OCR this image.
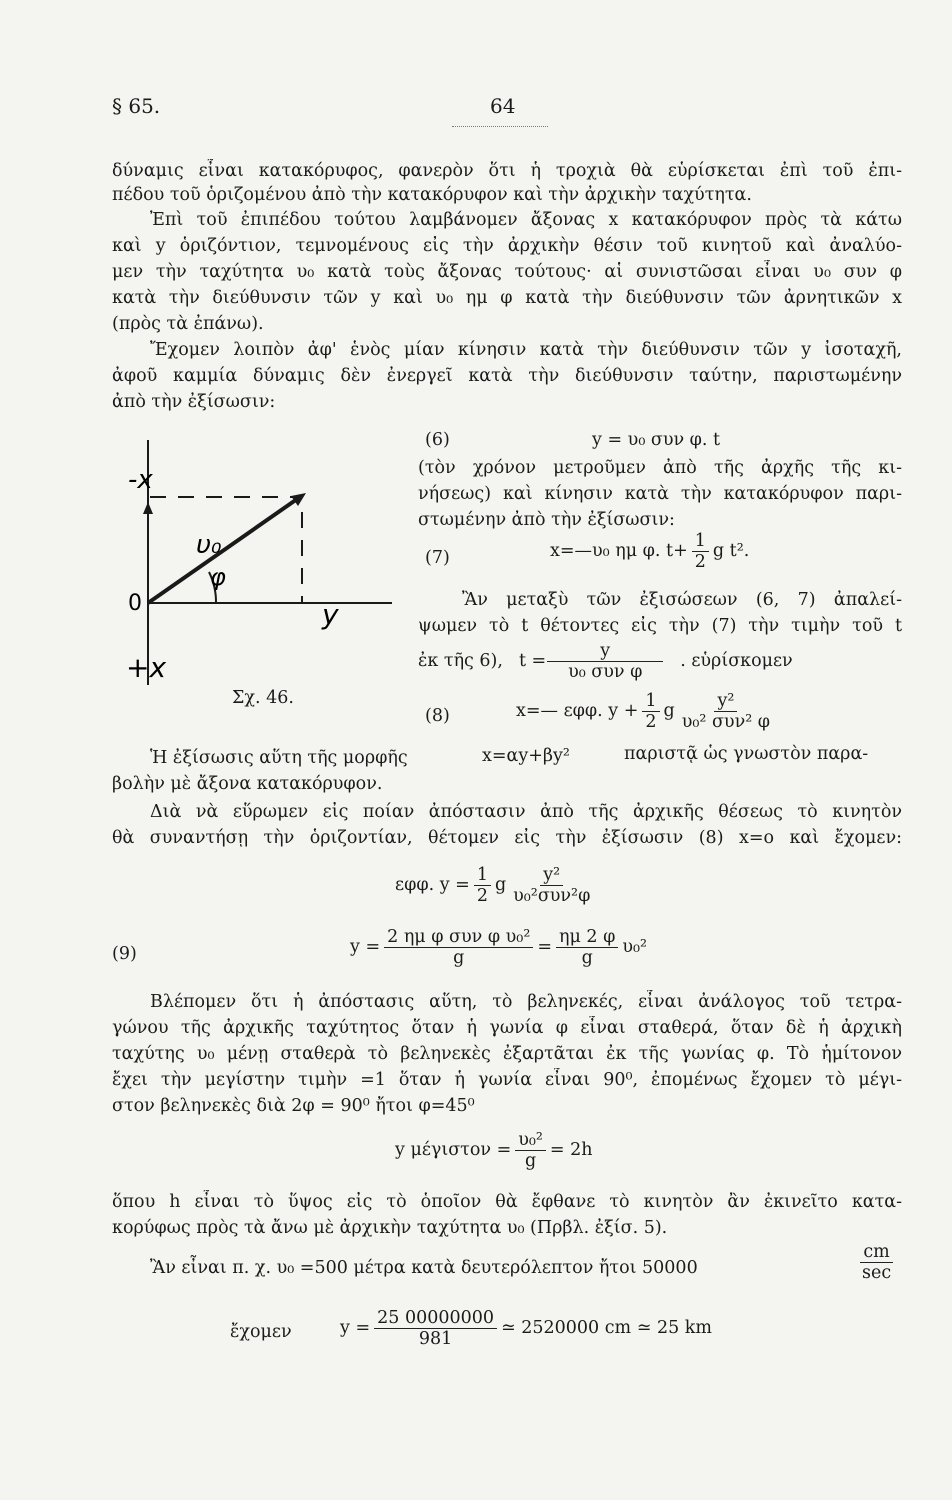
§ 65.	64
δύναμις εἶναι κατακόρυφος, φανερὸν ὅτι ἡ τροχιὰ θὰ εὑρίσκεται ἐπὶ τοῦ ἐπι-
πέδου τοῦ ὁριζομένου ἀπὸ τὴν κατακόρυφον καὶ τὴν ἀρχικὴν ταχύτητα.
Ἐπὶ τοῦ ἐπιπέδου τούτου λαμβάνομεν ἄξονας x κατακόρυφον πρὸς τὰ κάτω
καὶ y ὁριζόντιον, τεμνομένους εἰς τὴν ἀρχικὴν θέσιν τοῦ κινητοῦ καὶ ἀναλύο-
μεν τὴν ταχύτητα υ₀ κατὰ τοὺς ἄξονας τούτους· αἱ συνιστῶσαι εἶναι υ₀ συν φ
κατὰ τὴν διεύθυνσιν τῶν y καὶ υ₀ ημ φ κατὰ τὴν διεύθυνσιν τῶν ἀρνητικῶν x
(πρὸς τὰ ἐπάνω).
Ἔχομεν λοιπὸν ἀφ' ἑνὸς μίαν κίνησιν κατὰ τὴν διεύθυνσιν τῶν y ἰσοταχῆ,
ἀφοῦ καμμία δύναμις δὲν ἐνεργεῖ κατὰ τὴν διεύθυνσιν ταύτην, παριστωμένην
ἀπὸ τὴν ἐξίσωσιν:
-x
0	y
υ₀
φ
+x
Σχ. 46.
(6)	y = υ₀ συν φ. t
(τὸν χρόνον μετροῦμεν ἀπὸ τῆς ἀρχῆς τῆς κι-
νήσεως) καὶ κίνησιν κατὰ τὴν κατακόρυφον παρι-
στωμένην ἀπὸ τὴν ἐξίσωσιν:
(7)	x=—υ₀ ημ φ. $t+ \frac{1}{2}$ g t².
Ἂν μεταξὺ τῶν ἐξισώσεων (6, 7) ἀπαλεί-
ψωμεν τὸ t θέτοντες εἰς τὴν (7) τὴν τιμὴν τοῦ t
ἐκ τῆς 6), $t = \frac{y}{\text{υ₀ συν φ}}$ . εὑρίσκομεν
(8)	x=— εφφ. $y + \frac{1}{2}$ g $\frac{\text{y²}}{\text{υ₀² συν² φ}}$
Ἡ ἐξίσωσις αὕτη τῆς μορφῆς	x=αy+βy²	παριστᾷ ὡς γνωστὸν παρα-
βολὴν μὲ ἄξονα κατακόρυφον.
Διὰ νὰ εὕρωμεν εἰς ποίαν ἀπόστασιν ἀπὸ τῆς ἀρχικῆς θέσεως τὸ κινητὸν
θὰ συναντήσῃ τὴν ὁριζοντίαν, θέτομεν εἰς τὴν ἐξίσωσιν (8) x=o καὶ ἔχομεν:
εφφ. $y = \frac{1}{2}$ g $\frac{\text{y²}}{\text{υ₀²συν²φ}}$
(9)	$y = \frac{\text{2 ημ φ συν φ υ₀²}}{g} = \frac{\eta\mu 2 \varphi}{g} \upsilon_0^2$
Βλέπομεν ὅτι ἡ ἀπόστασις αὕτη, τὸ βεληνεκές, εἶναι ἀνάλογος τοῦ τετρα-
γώνου τῆς ἀρχικῆς ταχύτητος ὅταν ἡ γωνία φ εἶναι σταθερά, ὅταν δὲ ἡ ἀρχικὴ
ταχύτης υ₀ μένῃ σταθερὰ τὸ βεληνεκὲς ἐξαρτᾶται ἐκ τῆς γωνίας φ. Τὸ ἡμίτονον
ἔχει τὴν μεγίστην τιμὴν =1 ὅταν ἡ γωνία εἶναι 90⁰, ἐπομένως ἔχομεν τὸ μέγι-
στον βεληνεκὲς διὰ 2φ = 90⁰ ἤτοι φ=45⁰
y $\mu έ\gamma\iota\sigma\tau o\nu = \frac{\text{υ₀²}}{g} = 2h$
ὅπου h εἶναι τὸ ὕψος εἰς τὸ ὁποῖον θὰ ἔφθανε τὸ κινητὸν ἂν ἐκινεῖτο κατα-
κορύφως πρὸς τὰ ἄνω μὲ ἀρχικὴν ταχύτητα υ₀ (Πρβλ. ἐξίσ. 5).
Ἂν εἶναι π. χ. υ₀ =500 μέτρα κατὰ δευτερόλεπτον ἤτοι 50000	$\frac{cm}{\sec}$
ἔχομεν	$y = \frac{25 00000000}{981}$ ≃ 2520000 cm ≃ 25 km
